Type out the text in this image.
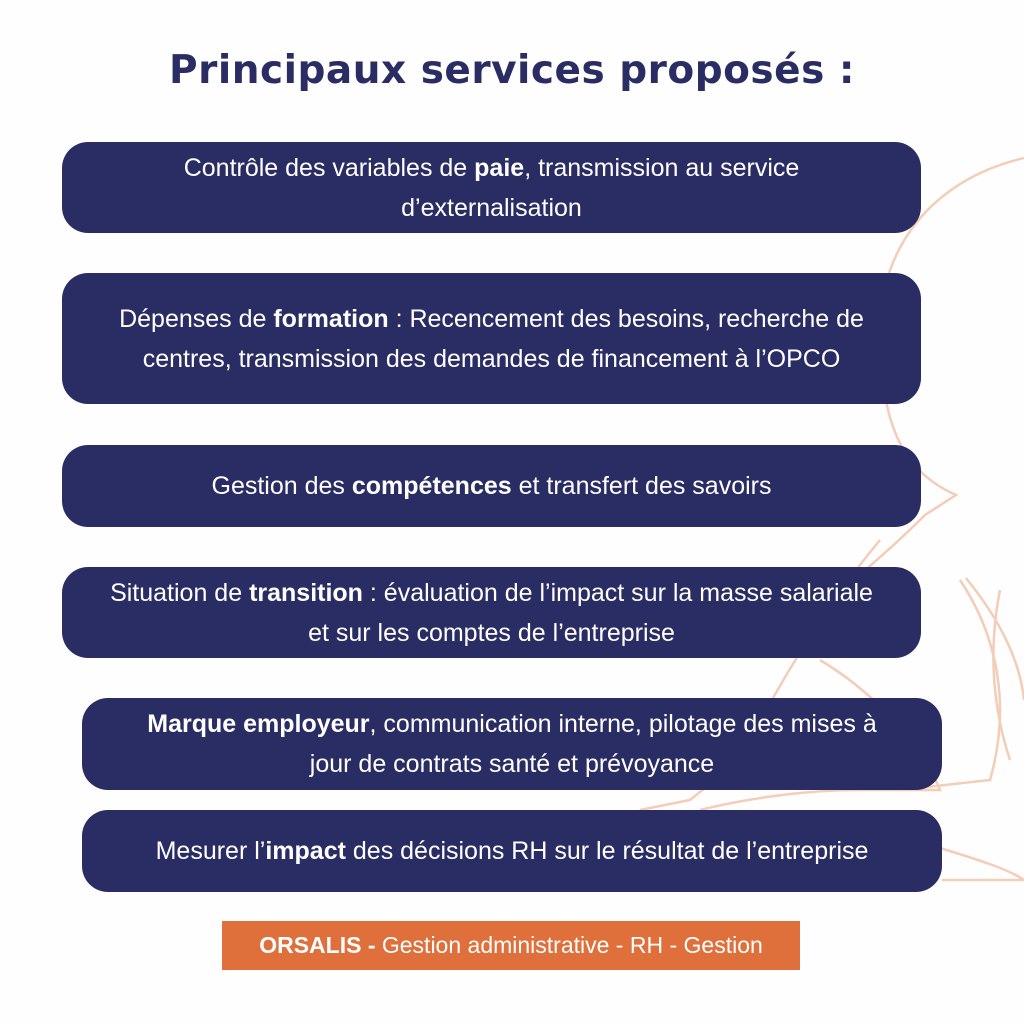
Principaux services proposés :
Contrôle des variables de paie, transmission au service
d’externalisation
Dépenses de formation : Recencement des besoins, recherche de
centres, transmission des demandes de financement à l’OPCO
Gestion des compétences et transfert des savoirs
Situation de transition : évaluation de l’impact sur la masse salariale
et sur les comptes de l’entreprise
Marque employeur, communication interne, pilotage des mises à
jour de contrats santé et prévoyance
Mesurer l’impact des décisions RH sur le résultat de l’entreprise
ORSALIS - Gestion administrative - RH - Gestion
